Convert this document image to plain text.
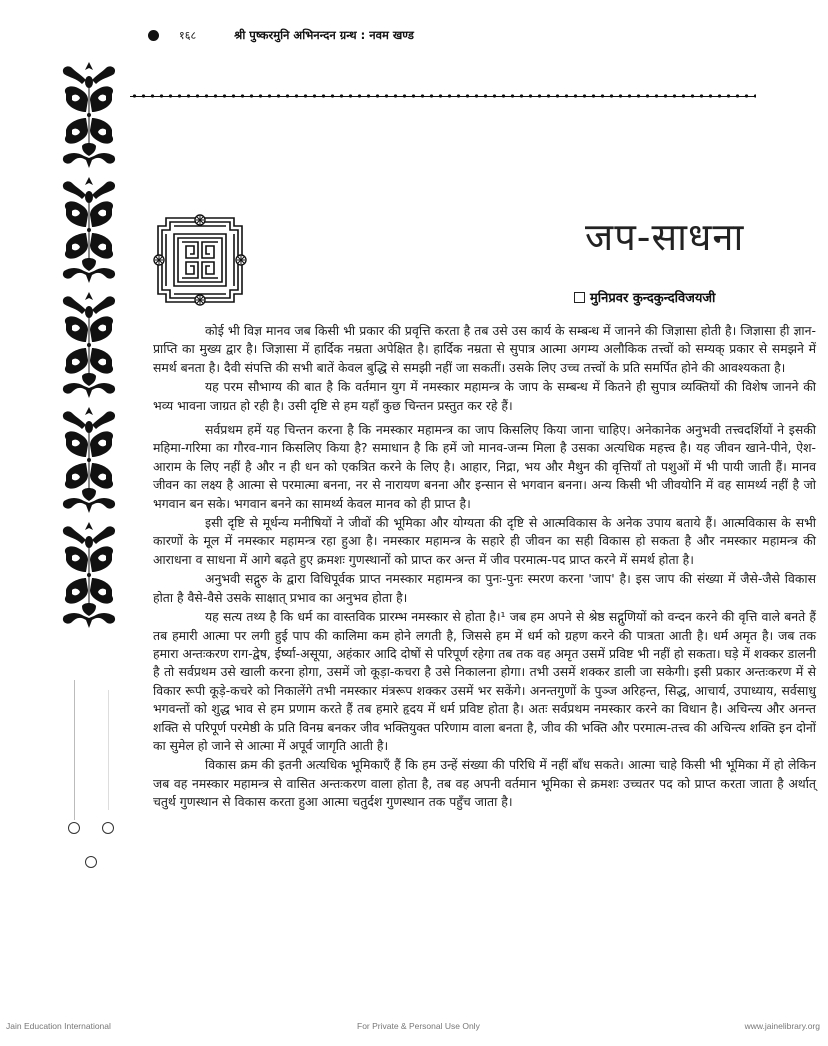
१६८	श्री पुष्करमुनि अभिनन्दन ग्रन्थ : नवम खण्ड
जप-साधना
मुनिप्रवर कुन्दकुन्दविजयजी

कोई भी विज्ञ मानव जब किसी भी प्रकार की प्रवृत्ति करता है तब उसे उस कार्य के सम्बन्ध में जानने की जिज्ञासा होती है। जिज्ञासा ही ज्ञान-प्राप्ति का मुख्य द्वार है। जिज्ञासा में हार्दिक नम्रता अपेक्षित है। हार्दिक नम्रता से सुपात्र आत्मा अगम्य अलौकिक तत्त्वों को सम्यक् प्रकार से समझने में समर्थ बनता है। दैवी संपत्ति की सभी बातें केवल बुद्धि से समझी नहीं जा सकतीं। उसके लिए उच्च तत्त्वों के प्रति समर्पित होने की आवश्यकता है।

यह परम सौभाग्य की बात है कि वर्तमान युग में नमस्कार महामन्त्र के जाप के सम्बन्ध में कितने ही सुपात्र व्यक्तियों की विशेष जानने की भव्य भावना जाग्रत हो रही है। उसी दृष्टि से हम यहाँ कुछ चिन्तन प्रस्तुत कर रहे हैं।

सर्वप्रथम हमें यह चिन्तन करना है कि नमस्कार महामन्त्र का जाप किसलिए किया जाना चाहिए। अनेकानेक अनुभवी तत्त्वदर्शियों ने इसकी महिमा-गरिमा का गौरव-गान किसलिए किया है? समाधान है कि हमें जो मानव-जन्म मिला है उसका अत्यधिक महत्त्व है। यह जीवन खाने-पीने, ऐश-आराम के लिए नहीं है और न ही धन को एकत्रित करने के लिए है। आहार, निद्रा, भय और मैथुन की वृत्तियाँ तो पशुओं में भी पायी जाती हैं। मानव जीवन का लक्ष्य है आत्मा से परमात्मा बनना, नर से नारायण बनना और इन्सान से भगवान बनना। अन्य किसी भी जीवयोनि में वह सामर्थ्य नहीं है जो भगवान बन सके। भगवान बनने का सामर्थ्य केवल मानव को ही प्राप्त है।

इसी दृष्टि से मूर्धन्य मनीषियों ने जीवों की भूमिका और योग्यता की दृष्टि से आत्मविकास के अनेक उपाय बताये हैं। आत्मविकास के सभी कारणों के मूल में नमस्कार महामन्त्र रहा हुआ है। नमस्कार महामन्त्र के सहारे ही जीवन का सही विकास हो सकता है और नमस्कार महामन्त्र की आराधना व साधना में आगे बढ़ते हुए क्रमशः गुणस्थानों को प्राप्त कर अन्त में जीव परमात्म-पद प्राप्त करने में समर्थ होता है।

अनुभवी सद्गुरु के द्वारा विधिपूर्वक प्राप्त नमस्कार महामन्त्र का पुनः-पुनः स्मरण करना 'जाप' है। इस जाप की संख्या में जैसे-जैसे विकास होता है वैसे-वैसे उसके साक्षात् प्रभाव का अनुभव होता है।

यह सत्य तथ्य है कि धर्म का वास्तविक प्रारम्भ नमस्कार से होता है।¹ जब हम अपने से श्रेष्ठ सद्गुणियों को वन्दन करने की वृत्ति वाले बनते हैं तब हमारी आत्मा पर लगी हुई पाप की कालिमा कम होने लगती है, जिससे हम में धर्म को ग्रहण करने की पात्रता आती है। धर्म अमृत है। जब तक हमारा अन्तःकरण राग-द्वेष, ईर्ष्या-असूया, अहंकार आदि दोषों से परिपूर्ण रहेगा तब तक वह अमृत उसमें प्रविष्ट भी नहीं हो सकता। घड़े में शक्कर डालनी है तो सर्वप्रथम उसे खाली करना होगा, उसमें जो कूड़ा-कचरा है उसे निकालना होगा। तभी उसमें शक्कर डाली जा सकेगी। इसी प्रकार अन्तःकरण में से विकार रूपी कूड़े-कचरे को निकालेंगे तभी नमस्कार मंत्ररूप शक्कर उसमें भर सकेंगे। अनन्तगुणों के पुञ्ज अरिहन्त, सिद्ध, आचार्य, उपाध्याय, सर्वसाधु भगवन्तों को शुद्ध भाव से हम प्रणाम करते हैं तब हमारे हृदय में धर्म प्रविष्ट होता है। अतः सर्वप्रथम नमस्कार करने का विधान है। अचिन्त्य और अनन्त शक्ति से परिपूर्ण परमेष्ठी के प्रति विनम्र बनकर जीव भक्तियुक्त परिणाम वाला बनता है, जीव की भक्ति और परमात्म-तत्त्व की अचिन्त्य शक्ति इन दोनों का सुमेल हो जाने से आत्मा में अपूर्व जागृति आती है।

विकास क्रम की इतनी अत्यधिक भूमिकाएँ हैं कि हम उन्हें संख्या की परिधि में नहीं बाँध सकते। आत्मा चाहे किसी भी भूमिका में हो लेकिन जब वह नमस्कार महामन्त्र से वासित अन्तःकरण वाला होता है, तब वह अपनी वर्तमान भूमिका से क्रमशः उच्चतर पद को प्राप्त करता जाता है अर्थात् चतुर्थ गुणस्थान से विकास करता हुआ आत्मा चतुर्दश गुणस्थान तक पहुँच जाता है।

Jain Education International	For Private & Personal Use Only	www.jainelibrary.org
